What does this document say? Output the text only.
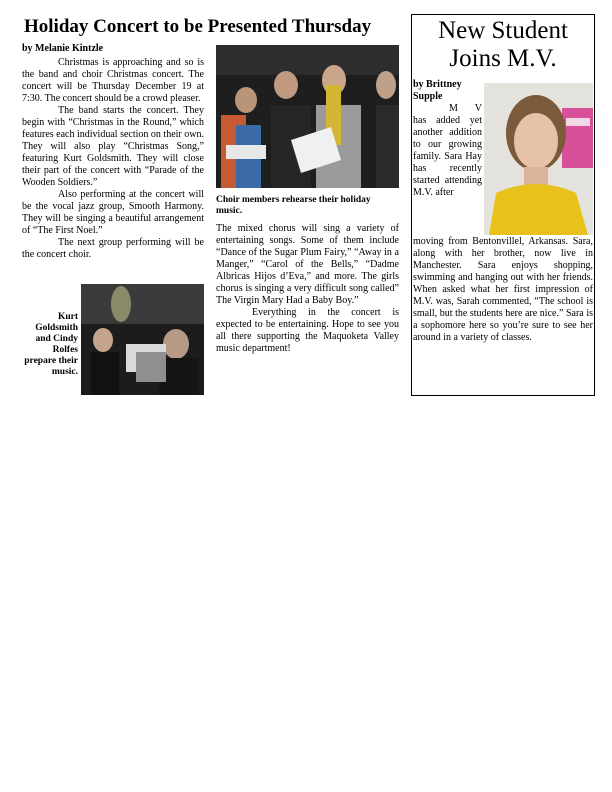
Holiday Concert to be Presented Thursday
by Melanie Kintzle

Christmas is approaching and so is the band and choir Christmas concert. The concert will be Thursday December 19 at 7:30. The concert should be a crowd pleaser.

The band starts the concert. They begin with “Christmas in the Round,” which features each individual section on their own. They will also play “Christmas Song,” featuring Kurt Goldsmith. They will close their part of the concert with “Parade of the Wooden Soldiers.”

Also performing at the concert will be the vocal jazz group, Smooth Harmony. They will be singing a beautiful arrangement of “The First Noel.”

The next group performing will be the concert choir.

Kurt Goldsmith and Cindy Rolfes prepare their music.
Choir members rehearse their holiday music.

The mixed chorus will sing a variety of entertaining songs. Some of them include “Dance of the Sugar Plum Fairy,” “Away in a Manger,” “Carol of the Bells,” “Dadme Albricas Hijos d’Eva,” and more. The girls chorus is singing a very difficult song called” The Virgin Mary Had a Baby Boy.”

Everything in the concert is expected to be entertaining. Hope to see you all there supporting the Maquoketa Valley music department!

New Student
Joins M.V.
by Brittney Supple

M V has added yet another addition to our growing family. Sara Hay has recently started attending M.V. after

moving from Bentonvillel, Arkansas. Sara, along with her brother, now live in Manchester. Sara enjoys shopping, swimming and hanging out with her friends. When asked what her first impression of M.V. was, Sarah commented, “The school is small, but the students here are nice.” Sara is a sophomore here so you’re sure to see her around in a variety of classes.
